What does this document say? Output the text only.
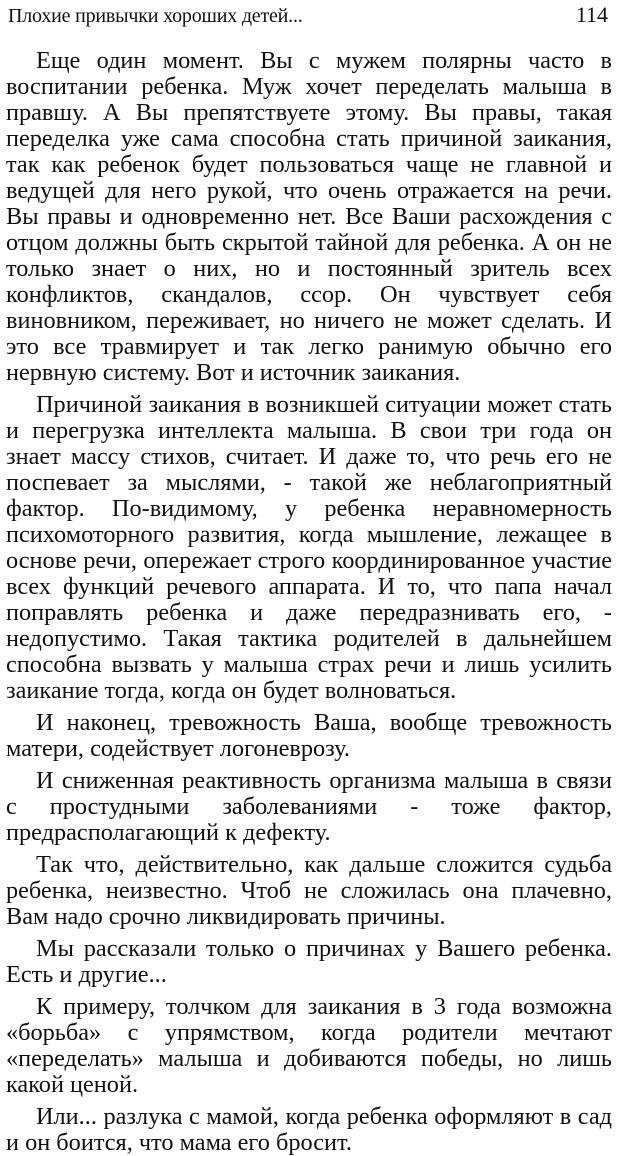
Плохие привычки хороших детей...	114

Еще один момент. Вы с мужем полярны часто в воспитании ребенка. Муж хочет переделать малыша в правшу. А Вы препятствуете этому. Вы правы, такая переделка уже сама способна стать причиной заикания, так как ребенок будет пользоваться чаще не главной и ведущей для него рукой, что очень отражается на речи. Вы правы и одновременно нет. Все Ваши расхождения с отцом должны быть скрытой тайной для ребенка. А он не только знает о них, но и постоянный зритель всех конфликтов, скандалов, ссор. Он чувствует себя виновником, переживает, но ничего не может сделать. И это все травмирует и так легко ранимую обычно его нервную систему. Вот и источник заикания.

Причиной заикания в возникшей ситуации может стать и перегрузка интеллекта малыша. В свои три года он знает массу стихов, считает. И даже то, что речь его не поспевает за мыслями, - такой же неблагоприятный фактор. По-видимому, у ребенка неравномерность психомоторного развития, когда мышление, лежащее в основе речи, опережает строго координированное участие всех функций речевого аппарата. И то, что папа начал поправлять ребенка и даже передразнивать его, - недопустимо. Такая тактика родителей в дальнейшем способна вызвать у малыша страх речи и лишь усилить заикание тогда, когда он будет волноваться.

И наконец, тревожность Ваша, вообще тревожность матери, содействует логоневрозу.

И сниженная реактивность организма малыша в связи с простудными заболеваниями - тоже фактор, предрасполагающий к дефекту.

Так что, действительно, как дальше сложится судьба ребенка, неизвестно. Чтоб не сложилась она плачевно, Вам надо срочно ликвидировать причины.

Мы рассказали только о причинах у Вашего ребенка. Есть и другие...

К примеру, толчком для заикания в 3 года возможна «борьба» с упрямством, когда родители мечтают «переделать» малыша и добиваются победы, но лишь какой ценой.

Или... разлука с мамой, когда ребенка оформляют в сад и он боится, что мама его бросит.
